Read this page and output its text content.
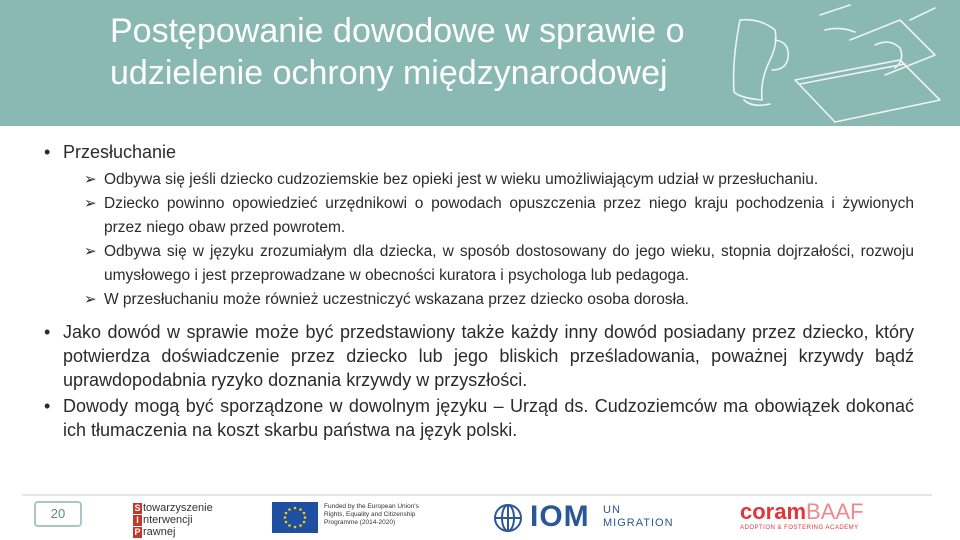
Postępowanie dowodowe w sprawie o
udzielenie ochrony międzynarodowej
• Przesłuchanie

➢ Odbywa się jeśli dziecko cudzoziemskie bez opieki jest w wieku umożliwiającym udział w przesłuchaniu.

➢ Dziecko powinno opowiedzieć urzędnikowi o powodach opuszczenia przez niego kraju pochodzenia i żywionych przez niego obaw przed powrotem.

➢ Odbywa się w języku zrozumiałym dla dziecka, w sposób dostosowany do jego wieku, stopnia dojrzałości, rozwoju umysłowego i jest przeprowadzane w obecności kuratora i psychologa lub pedagoga.

➢ W przesłuchaniu może również uczestniczyć wskazana przez dziecko osoba dorosła.

• Jako dowód w sprawie może być przedstawiony także każdy inny dowód posiadany przez dziecko, który potwierdza doświadczenie przez dziecko lub jego bliskich prześladowania, poważnej krzywdy bądź uprawdopodabnia ryzyko doznania krzywdy w przyszłości.
• Dowody mogą być sporządzone w dowolnym języku – Urząd ds. Cudzoziemców ma obowiązek dokonać ich tłumaczenia na koszt skarbu państwa na język polski.
20	S towarzyszenie
I nterwencji
P rawnej
Funded by the European Union's
Rights, Equality and Citizenship
Programme (2014-2020)	IOM UN
MIGRATION	coramBAAF
ADOPTION & FOSTERING ACADEMY
